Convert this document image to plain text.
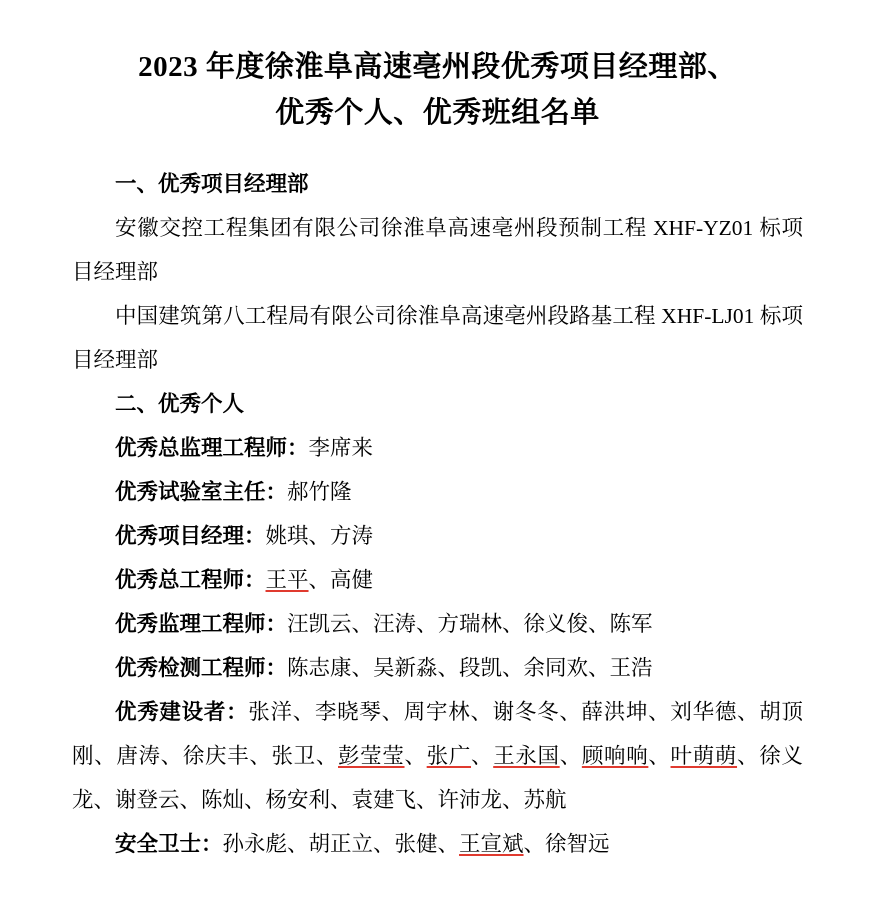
2023 年度徐淮阜高速亳州段优秀项目经理部、
优秀个人、优秀班组名单

一、优秀项目经理部

安徽交控工程集团有限公司徐淮阜高速亳州段预制工程 XHF-YZ01 标项目经理部

中国建筑第八工程局有限公司徐淮阜高速亳州段路基工程 XHF-LJ01 标项目经理部

二、优秀个人

优秀总监理工程师：李席来

优秀试验室主任：郝竹隆

优秀项目经理：姚琪、方涛

优秀总工程师：王平、高健

优秀监理工程师：汪凯云、汪涛、方瑞林、徐义俊、陈军

优秀检测工程师：陈志康、吴新淼、段凯、余同欢、王浩

优秀建设者：张洋、李晓琴、周宇林、谢冬冬、薛洪坤、刘华德、胡顶刚、唐涛、徐庆丰、张卫、彭莹莹、张广、王永国、顾响响、叶萌萌、徐义龙、谢登云、陈灿、杨安利、袁建飞、许沛龙、苏航

安全卫士：孙永彪、胡正立、张健、王宣斌、徐智远
